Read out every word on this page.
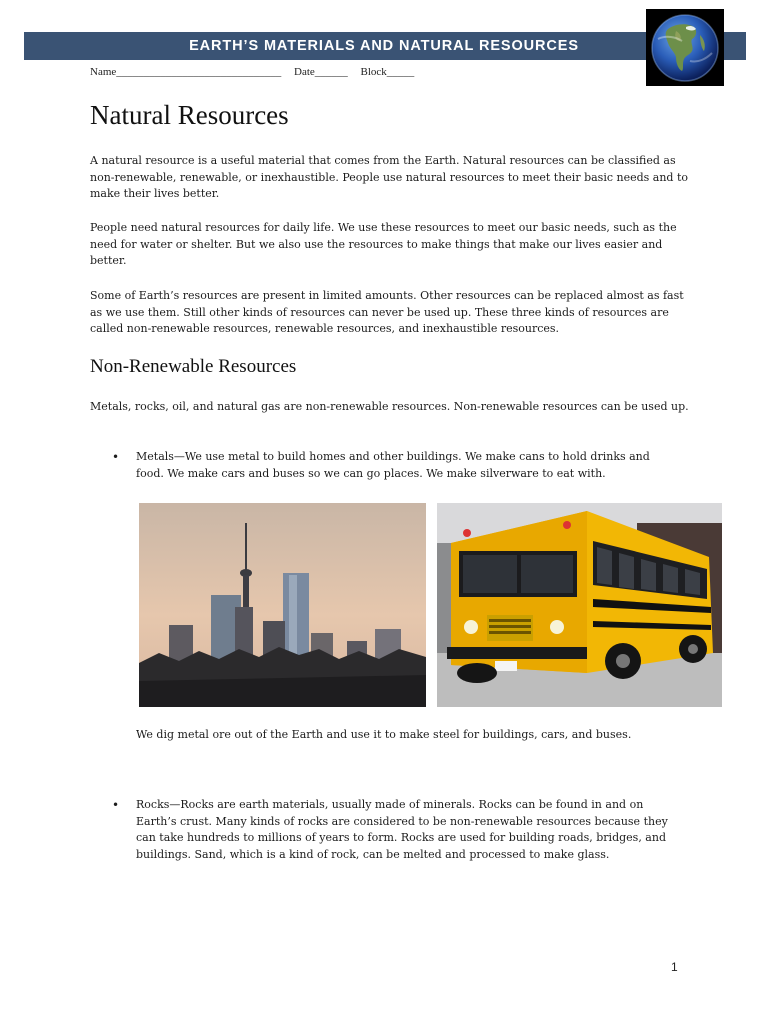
EARTH’S MATERIALS AND NATURAL RESOURCES
Name______________________________ Date______ Block_____
Natural Resources

A natural resource is a useful material that comes from the Earth. Natural resources can be classified as non-renewable, renewable, or inexhaustible. People use natural resources to meet their basic needs and to make their lives better.

People need natural resources for daily life. We use these resources to meet our basic needs, such as the need for water or shelter. But we also use the resources to make things that make our lives easier and better.

Some of Earth’s resources are present in limited amounts. Other resources can be replaced almost as fast as we use them. Still other kinds of resources can never be used up. These three kinds of resources are called non-renewable resources, renewable resources, and inexhaustible resources.

Non-Renewable Resources

Metals, rocks, oil, and natural gas are non-renewable resources. Non-renewable resources can be used up.

• Metals—We use metal to build homes and other buildings. We make cans to hold drinks and food. We make cars and buses so we can go places. We make silverware to eat with.
We dig metal ore out of the Earth and use it to make steel for buildings, cars, and buses.
• Rocks—Rocks are earth materials, usually made of minerals. Rocks can be found in and on Earth’s crust. Many kinds of rocks are considered to be non-renewable resources because they can take hundreds to millions of years to form. Rocks are used for building roads, bridges, and buildings. Sand, which is a kind of rock, can be melted and processed to make glass.
1
